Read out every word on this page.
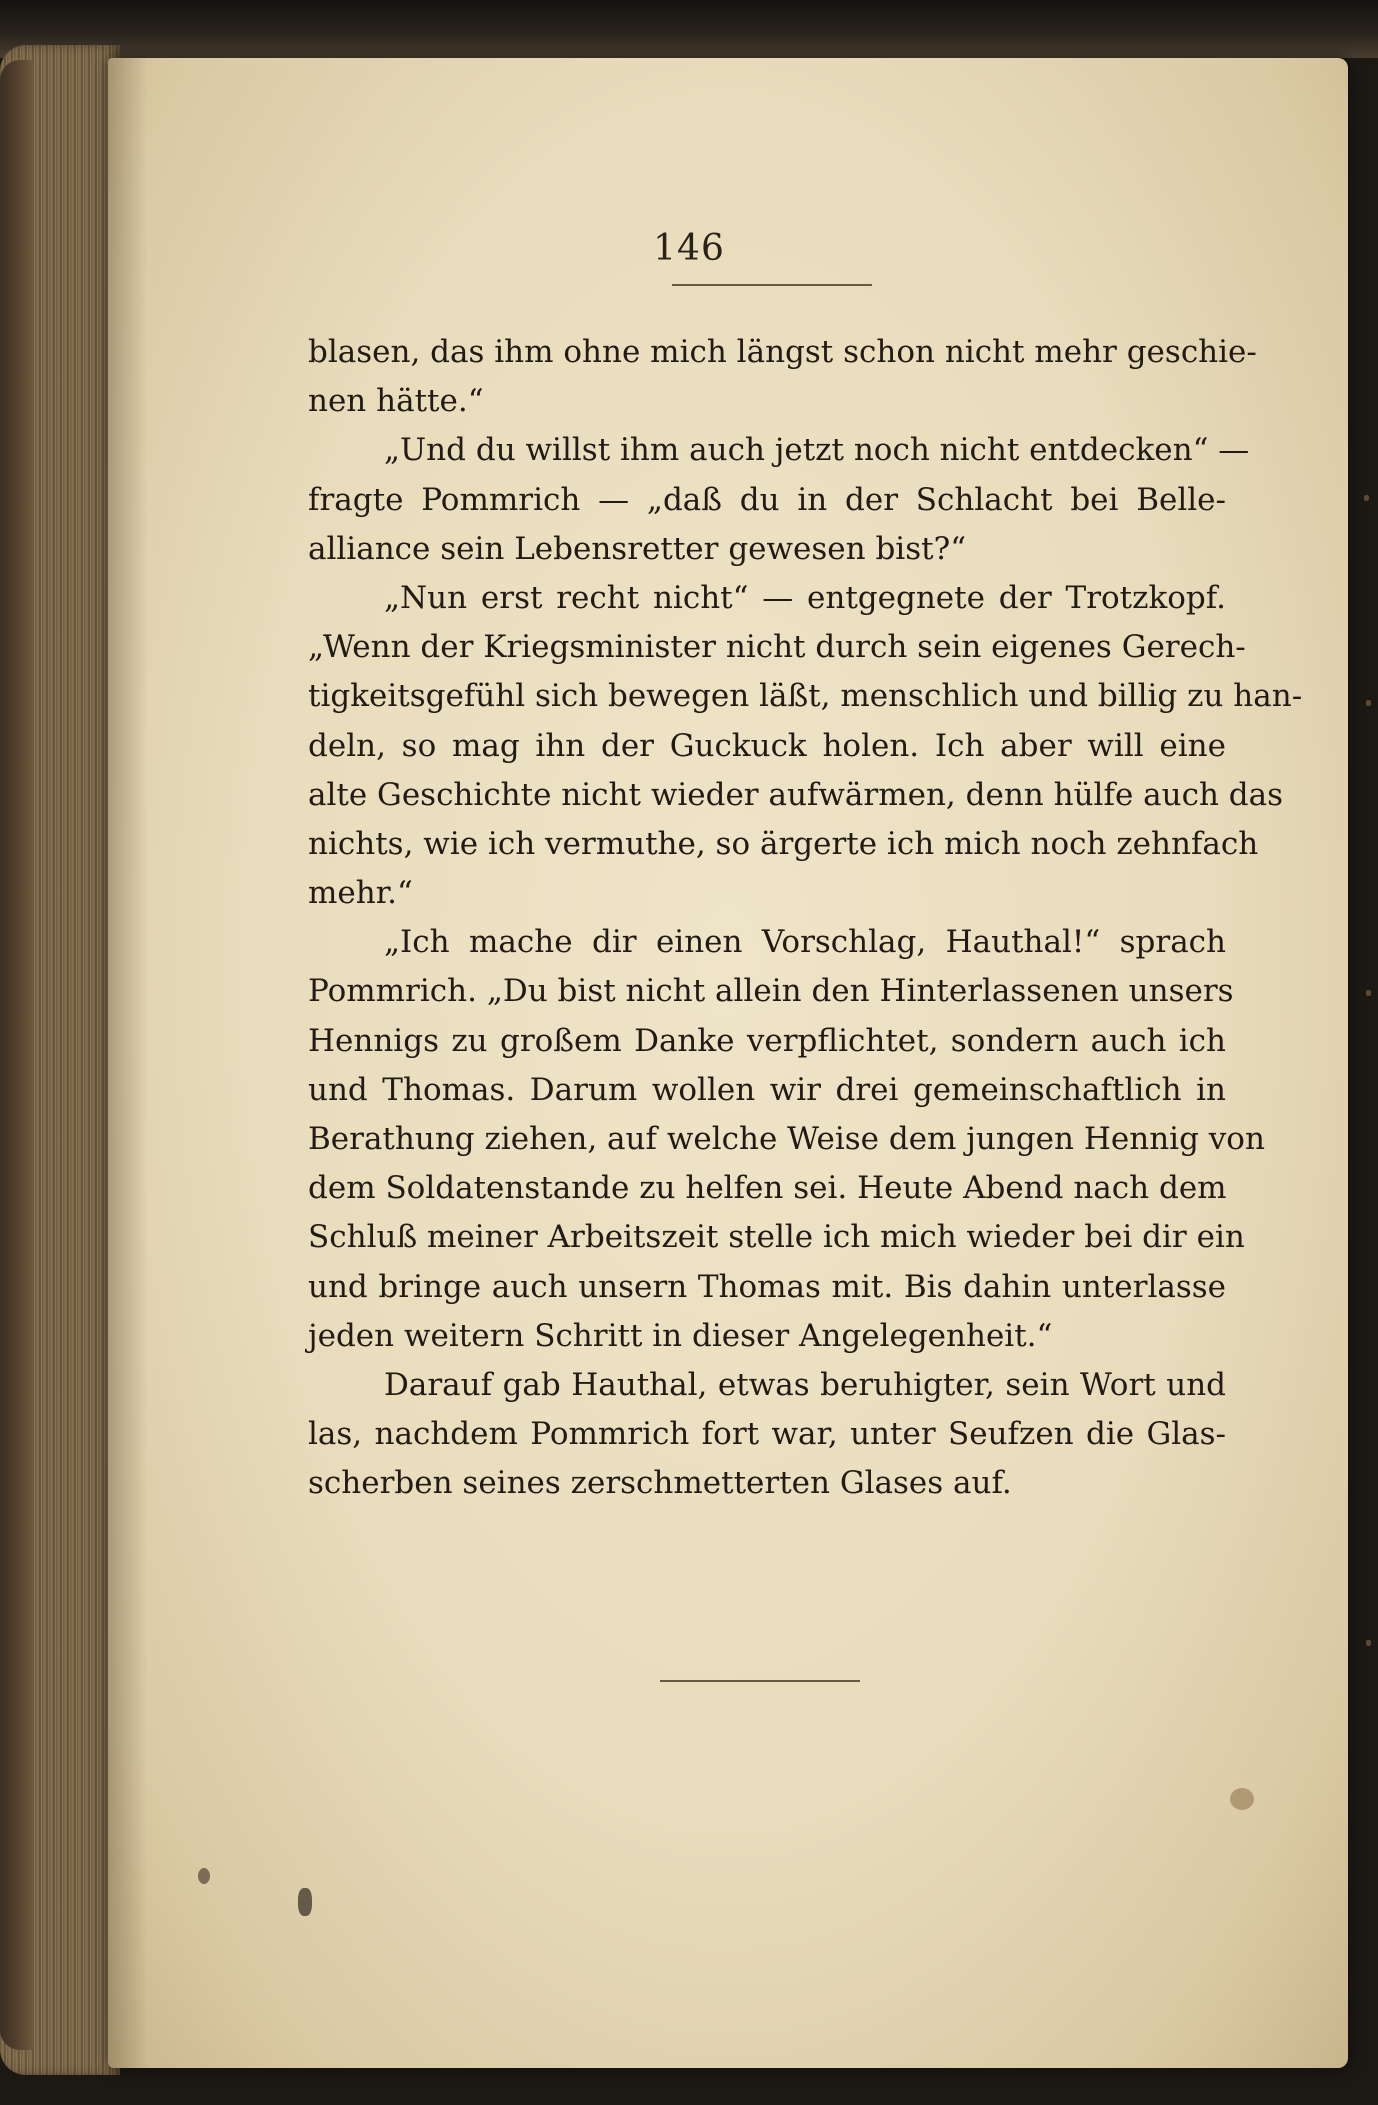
146
blasen, das ihm ohne mich längst schon nicht mehr geschie-
nen hätte.“
„Und du willst ihm auch jetzt noch nicht entdecken“ —
fragte Pommrich — „daß du in der Schlacht bei Belle-
alliance sein Lebensretter gewesen bist?“
„Nun erst recht nicht“ — entgegnete der Trotzkopf.
„Wenn der Kriegsminister nicht durch sein eigenes Gerech-
tigkeitsgefühl sich bewegen läßt, menschlich und billig zu han-
deln, so mag ihn der Guckuck holen. Ich aber will eine
alte Geschichte nicht wieder aufwärmen, denn hülfe auch das
nichts, wie ich vermuthe, so ärgerte ich mich noch zehnfach
mehr.“
„Ich mache dir einen Vorschlag, Hauthal!“ sprach
Pommrich. „Du bist nicht allein den Hinterlassenen unsers
Hennigs zu großem Danke verpflichtet, sondern auch ich
und Thomas. Darum wollen wir drei gemeinschaftlich in
Berathung ziehen, auf welche Weise dem jungen Hennig von
dem Soldatenstande zu helfen sei. Heute Abend nach dem
Schluß meiner Arbeitszeit stelle ich mich wieder bei dir ein
und bringe auch unsern Thomas mit. Bis dahin unterlasse
jeden weitern Schritt in dieser Angelegenheit.“
Darauf gab Hauthal, etwas beruhigter, sein Wort und
las, nachdem Pommrich fort war, unter Seufzen die Glas-
scherben seines zerschmetterten Glases auf.
